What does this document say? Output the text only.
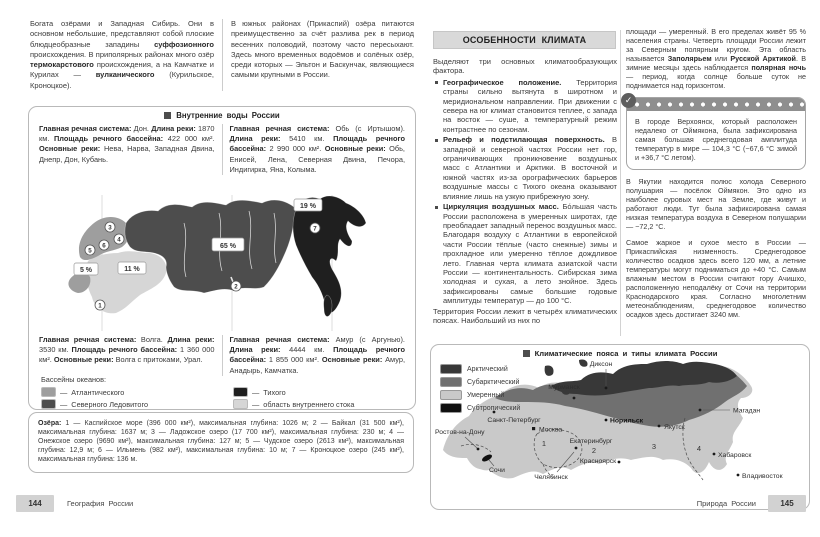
Богата озёрами и Западная Сибирь. Они в основном небольшие, представляют собой плоские блюдцеобразные западины суффозионного происхождения. В приполярных районах много озёр термокарстового происхождения, а на Камчатке и Курилах — вулканического (Курильское, Кроноцкое).
В южных районах (Прикаспий) озёра питаются преимущественно за счёт разлива рек в период весенних половодий, поэтому часто пересыхают. Здесь много временных водоёмов и солёных озёр, среди которых — Эльтон и Баскунчак, являющиеся самыми крупными в России.
Внутренние воды России
Главная речная система: Дон. Длина реки: 1870 км. Площадь речного бассейна: 422 000 км². Основные реки: Нева, Нарва, Западная Двина, Днепр, Дон, Кубань.
Главная речная система: Обь (с Иртышом). Длина реки: 5410 км. Площадь речного бассейна: 2 990 000 км². Основные реки: Обь, Енисей, Лена, Северная Двина, Печора, Индигирка, Яна, Колыма.
5 %	11 %
65 %
19 %
1
2
3
4
5
6
7
Главная речная система: Волга. Длина реки: 3530 км. Площадь речного бассейна: 1 360 000 км². Основные реки: Волга с притоками, Урал.
Главная речная система: Амур (с Аргунью). Длина реки: 4444 км. Площадь речного бассейна: 1 855 000 км². Основные реки: Амур, Анадырь, Камчатка.
Бассейны океанов:
— Атлантического	— Тихого
— Северного Ледовитого	— область внутреннего стока
Озёра: 1 — Каспийское море (396 000 км²), максимальная глубина: 1026 м; 2 — Байкал (31 500 км²), максимальная глубина: 1637 м; 3 — Ладожское озеро (17 700 км²), максимальная глубина: 230 м; 4 — Онежское озеро (9690 км²), максимальная глубина: 127 м; 5 — Чудское озеро (2613 км²), максимальная глубина: 12,9 м; 6 — Ильмень (982 км²), максимальная глубина: 10 м; 7 — Кроноцкое озеро (245 км²), максимальная глубина: 136 м.
144	География России
ОСОБЕННОСТИ КЛИМАТА
Выделяют три основных климатообразующих фактора.
Географическое положение. Территория страны сильно вытянута в широтном и меридиональном направлении. При движении с севера на юг климат становится теплее, с запада на восток — суше, а температурный режим контрастнее по сезонам.
Рельеф и подстилающая поверхность. В западной и северной частях России нет гор, ограничивающих проникновение воздушных масс с Атлантики и Арктики. В восточной и южной частях из-за орографических барьеров воздушные массы с Тихого океана оказывают влияние лишь на узкую прибрежную зону.
Циркуляция воздушных масс. Бо́льшая часть России расположена в умеренных широтах, где преобладает западный перенос воздушных масс. Благодаря воздуху с Атлантики в европейской части России тёплые (часто снежные) зимы и прохладное или умеренно тёплое дождливое лето. Главная черта климата азиатской части России — континентальность. Сибирская зима холодная и сухая, а лето знойное. Здесь зафиксированы самые большие годовые амплитуды температур — до 100 °C.
Территория России лежит в четырёх климатических поясах. Наибольший из них по
площади — умеренный. В его пределах живёт 95 % населения страны. Четверть площади России лежит за Северным полярным кругом. Эта область называется Заполярьем или Русской Арктикой. В зимние месяцы здесь наблюдается полярная ночь — период, когда солнце больше суток не поднимается над горизонтом.
✓
В городе Верхоянск, который расположен недалеко от Оймякона, была зафиксирована самая большая среднегодовая амплитуда температур в мире — 104,3 °C (−67,6 °C зимой и +36,7 °C летом).
В Якутии находится полюс холода Северного полушария — посёлок Оймякон. Это одно из наиболее суровых мест на Земле, где живут и работают люди. Тут была зафиксирована самая низкая температура воздуха в Северном полушарии — −72,2 °C.
Самое жаркое и сухое место в России — Прикаспийская низменность. Среднегодовое количество осадков здесь всего 120 мм, а летние температуры могут подниматься до +40 °C. Самым влажным местом в России считают гору Ачишхо, расположенную неподалёку от Сочи на территории Краснодарского края. Согласно многолетним метеонаблюдениям, среднегодовое количество осадков здесь достигает 3240 мм.
Климатические пояса и типы климата России
Арктический
Субарктический
Умеренный
Субтропический
Диксон
Мурманск
Магадан
Санкт-Петербург	Норильск
Москва
Ростов-на-Дону
Якутск
Екатеринбург
Хабаровск
Сочи
Красноярск
Челябинск	Владивосток
1
2	3	4
Природа России	145
